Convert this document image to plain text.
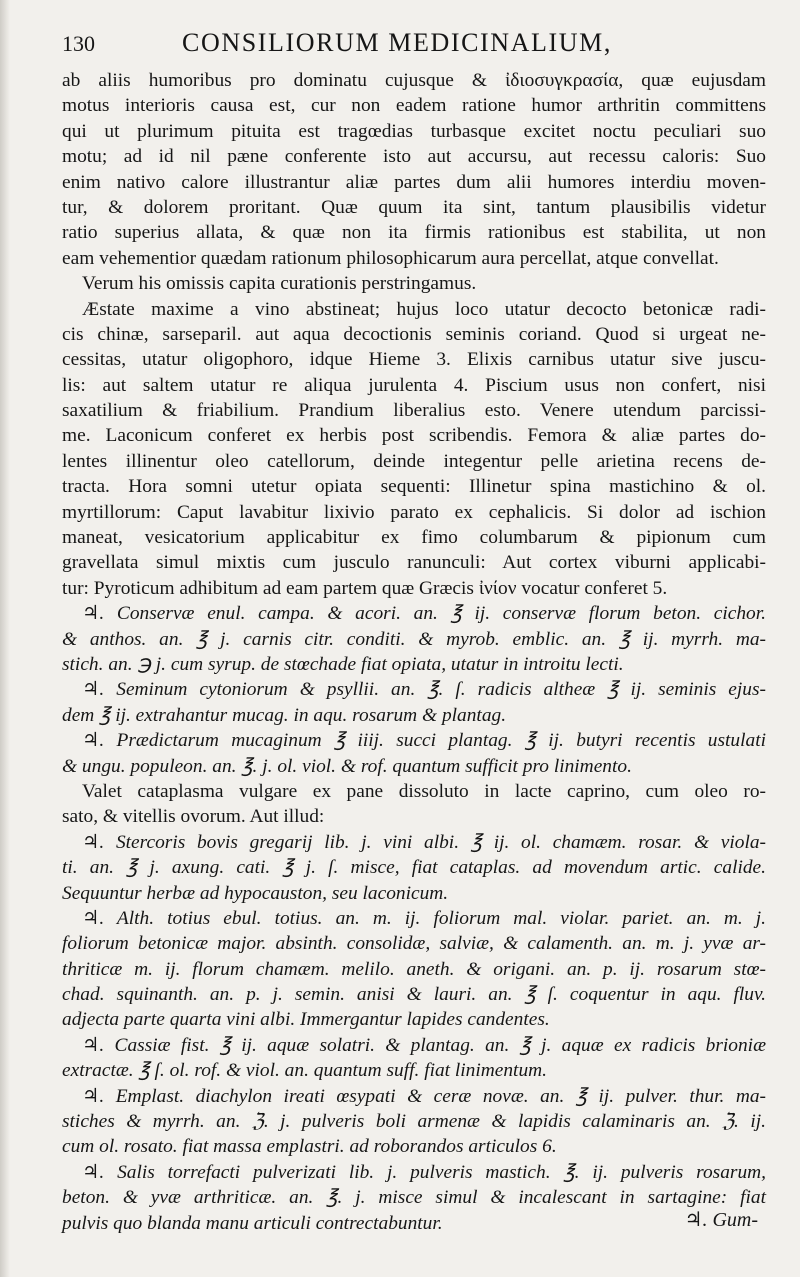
130	CONSILIORUM MEDICINALIUM,
ab aliis humoribus pro dominatu cujusque & ἰδιοσυγκρασία, quæ eujusdam
motus interioris causa est, cur non eadem ratione humor arthritin committens
qui ut plurimum pituita est tragœdias turbasque excitet noctu peculiari suo
motu; ad id nil pæne conferente isto aut accursu, aut recessu caloris: Suo
enim nativo calore illustrantur aliæ partes dum alii humores interdiu moven-
tur, & dolorem proritant. Quæ quum ita sint, tantum plausibilis videtur
ratio superius allata, & quæ non ita firmis rationibus est stabilita, ut non
eam vehementior quædam rationum philosophicarum aura percellat, atque convellat.
Verum his omissis capita curationis perstringamus.
Æstate maxime a vino abstineat; hujus loco utatur decocto betonicæ radi-
cis chinæ, sarseparil. aut aqua decoctionis seminis coriand. Quod si urgeat ne-
cessitas, utatur oligophoro, idque Hieme 3. Elixis carnibus utatur sive juscu-
lis: aut saltem utatur re aliqua jurulenta 4. Piscium usus non confert, nisi
saxatilium & friabilium. Prandium liberalius esto. Venere utendum parcissi-
me. Laconicum conferet ex herbis post scribendis. Femora & aliæ partes do-
lentes illinentur oleo catellorum, deinde integentur pelle arietina recens de-
tracta. Hora somni utetur opiata sequenti: Illinetur spina mastichino & ol.
myrtillorum: Caput lavabitur lixivio parato ex cephalicis. Si dolor ad ischion
maneat, vesicatorium applicabitur ex fimo columbarum & pipionum cum
gravellata simul mixtis cum jusculo ranunculi: Aut cortex viburni applicabi-
tur: Pyroticum adhibitum ad eam partem quæ Græcis ἰνίον vocatur conferet 5.
♃. Conservæ enul. campa. & acori. an. ℥ ij. conservæ florum beton. cichor.
& anthos. an. ℥ j. carnis citr. conditi. & myrob. emblic. an. ℥ ij. myrrh. ma-
stich. an. ℈ j. cum syrup. de stœchade fiat opiata, utatur in introitu lecti.
♃. Seminum cytoniorum & psyllii. an. ℥. ſ. radicis altheæ ℥ ij. seminis ejus-
dem ℥ ij. extrahantur mucag. in aqu. rosarum & plantag.
♃. Prædictarum mucaginum ℥ iiij. succi plantag. ℥ ij. butyri recentis ustulati
& ungu. populeon. an. ℥. j. ol. viol. & rof. quantum sufficit pro linimento.
Valet cataplasma vulgare ex pane dissoluto in lacte caprino, cum oleo ro-
sato, & vitellis ovorum. Aut illud:
♃. Stercoris bovis gregarij lib. j. vini albi. ℥ ij. ol. chamæm. rosar. & viola-
ti. an. ℥ j. axung. cati. ℥ j. ſ. misce, fiat cataplas. ad movendum artic. calide.
Sequuntur herbæ ad hypocauston, seu laconicum.
♃. Alth. totius ebul. totius. an. m. ij. foliorum mal. violar. pariet. an. m. j.
foliorum betonicæ major. absinth. consolidæ, salviæ, & calamenth. an. m. j. yvæ ar-
thriticæ m. ij. florum chamæm. melilo. aneth. & origani. an. p. ij. rosarum stœ-
chad. squinanth. an. p. j. semin. anisi & lauri. an. ℥ ſ. coquentur in aqu. fluv.
adjecta parte quarta vini albi. Immergantur lapides candentes.
♃. Cassiæ fist. ℥ ij. aquæ solatri. & plantag. an. ℥ j. aquæ ex radicis brioniæ
extractæ. ℥ ſ. ol. rof. & viol. an. quantum suff. fiat linimentum.
♃. Emplast. diachylon ireati œsypati & ceræ novæ. an. ℥ ij. pulver. thur. ma-
stiches & myrrh. an. ℨ. j. pulveris boli armenæ & lapidis calaminaris an. ℨ. ij.
cum ol. rosato. fiat massa emplastri. ad roborandos articulos 6.
♃. Salis torrefacti pulverizati lib. j. pulveris mastich. ℥. ij. pulveris rosarum,
beton. & yvæ arthriticæ. an. ℥. j. misce simul & incalescant in sartagine: fiat
pulvis quo blanda manu articuli contrectabuntur.	♃. Gum-
